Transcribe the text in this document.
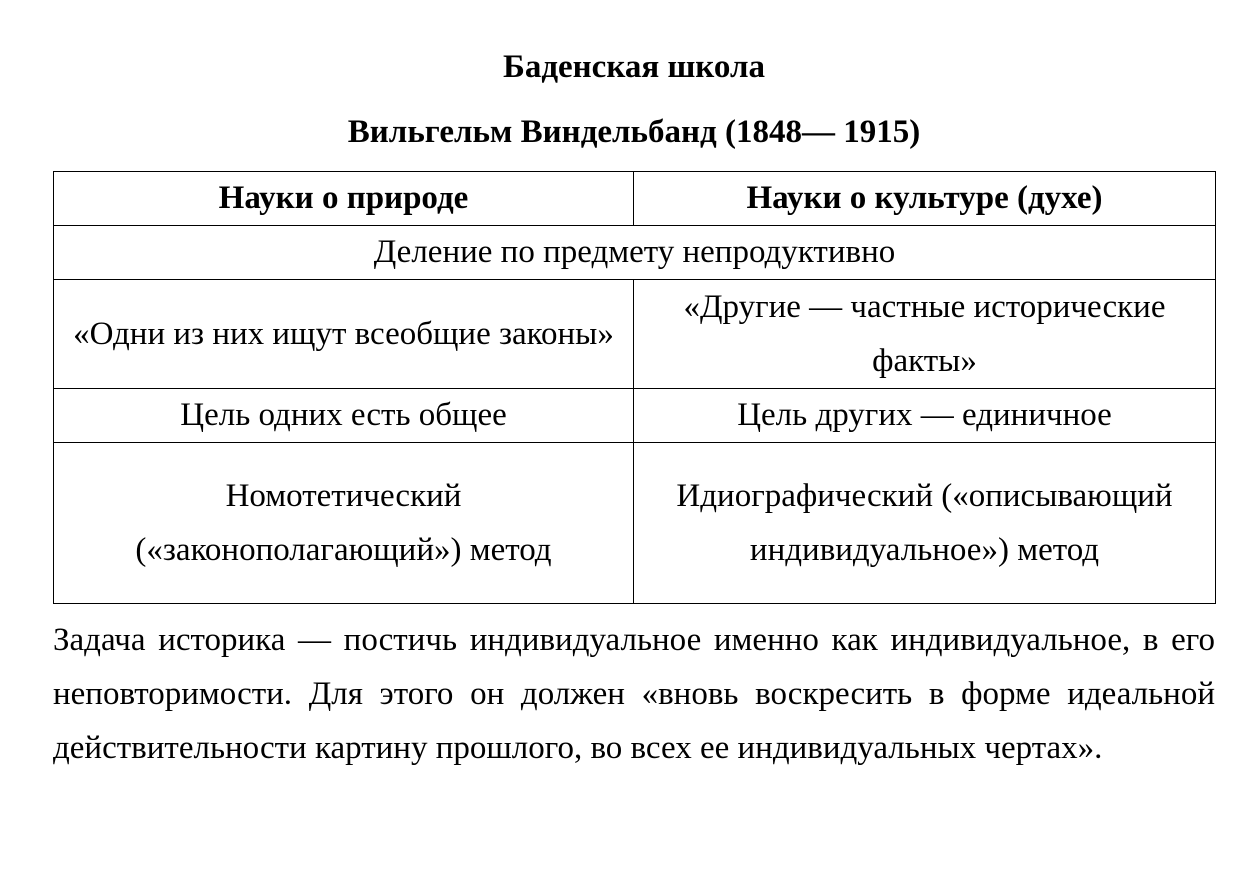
Баденская школа
Вильгельм Виндельбанд (1848— 1915)
Науки о природе	Науки о культуре (духе)
Деление по предмету непродуктивно	
«Одни из них ищут всеобщие законы»	«Другие — частные исторические факты»
Цель одних есть общее	Цель других — единичное
Номотетический («законополагающий») метод	Идиографический («описывающий индивидуальное») метод
Задача историка — постичь индивидуальное именно как индивидуальное, в его неповторимости. Для этого он должен «вновь воскресить в форме идеальной действительности картину прошлого, во всех ее индивидуальных чертах».
